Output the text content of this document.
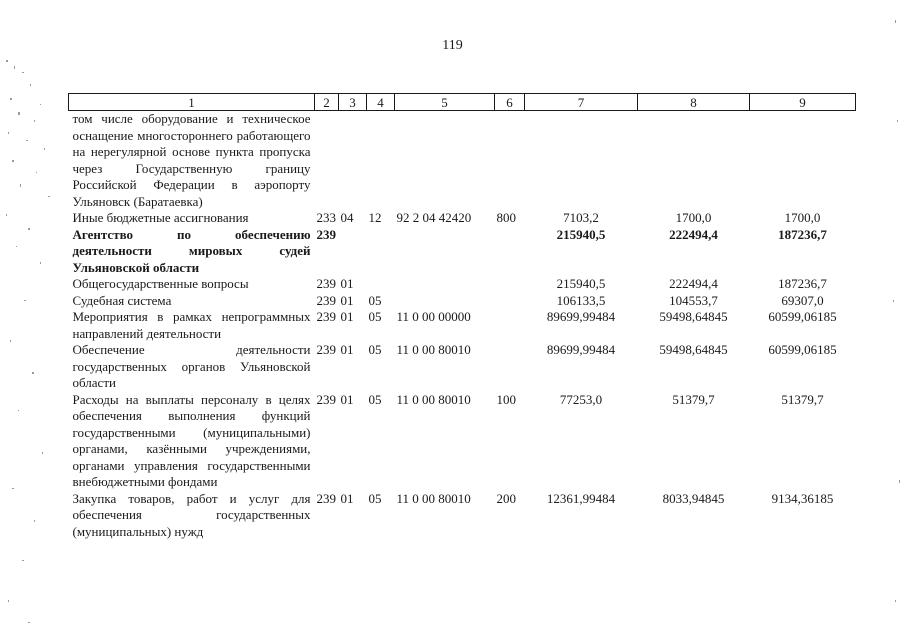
119
1	2	3	4	5	6	7	8	9
том числе оборудование и техническое оснащение многостороннего работающего на нерегулярной основе пункта пропуска через Государственную границу Российской Федерации в аэропорту Ульяновск (Баратаевка)								
Иные бюджетные ассигнования	233	04	12	92 2 04 42420	800	7103,2	1700,0	1700,0
Агентство по обеспечению деятельности мировых судей Ульяновской области	239					215940,5	222494,4	187236,7
Общегосударственные вопросы	239	01				215940,5	222494,4	187236,7
Судебная система	239	01	05			106133,5	104553,7	69307,0
Мероприятия в рамках непрограммных направлений деятельности	239	01	05	11 0 00 00000		89699,99484	59498,64845	60599,06185
Обеспечение деятельности государственных органов Ульяновской области	239	01	05	11 0 00 80010		89699,99484	59498,64845	60599,06185
Расходы на выплаты персоналу в целях обеспечения выполнения функций государственными (муниципальными) органами, казёнными учреждениями, органами управления государственными внебюджетными фондами	239	01	05	11 0 00 80010	100	77253,0	51379,7	51379,7
Закупка товаров, работ и услуг для обеспечения государственных (муниципальных) нужд	239	01	05	11 0 00 80010	200	12361,99484	8033,94845	9134,36185
